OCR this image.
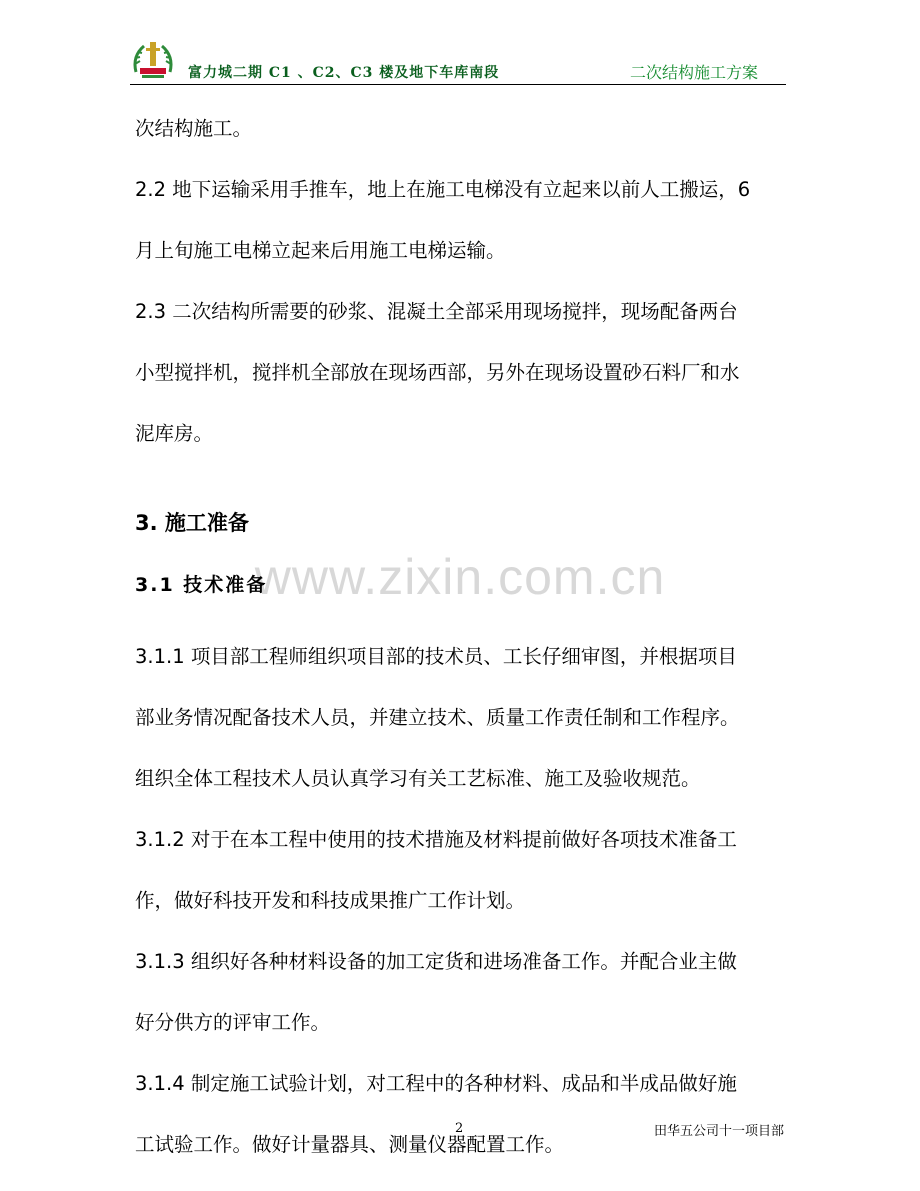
富力城二期 C1 、C2、C3 楼及地下车库南段	二次结构施工方案
www.zixin.com.cn

次结构施工。

2.2 地下运输采用手推车，地上在施工电梯没有立起来以前人工搬运，6

月上旬施工电梯立起来后用施工电梯运输。

2.3 二次结构所需要的砂浆、混凝土全部采用现场搅拌，现场配备两台

小型搅拌机，搅拌机全部放在现场西部，另外在现场设置砂石料厂和水

泥库房。

3. 施工准备
3.1 技术准备

3.1.1 项目部工程师组织项目部的技术员、工长仔细审图，并根据项目

部业务情况配备技术人员，并建立技术、质量工作责任制和工作程序。

组织全体工程技术人员认真学习有关工艺标准、施工及验收规范。

3.1.2 对于在本工程中使用的技术措施及材料提前做好各项技术准备工

作，做好科技开发和科技成果推广工作计划。

3.1.3 组织好各种材料设备的加工定货和进场准备工作。并配合业主做

好分供方的评审工作。

3.1.4 制定施工试验计划，对工程中的各种材料、成品和半成品做好施

工试验工作。做好计量器具、测量仪器配置工作。

2	田华五公司十一项目部
